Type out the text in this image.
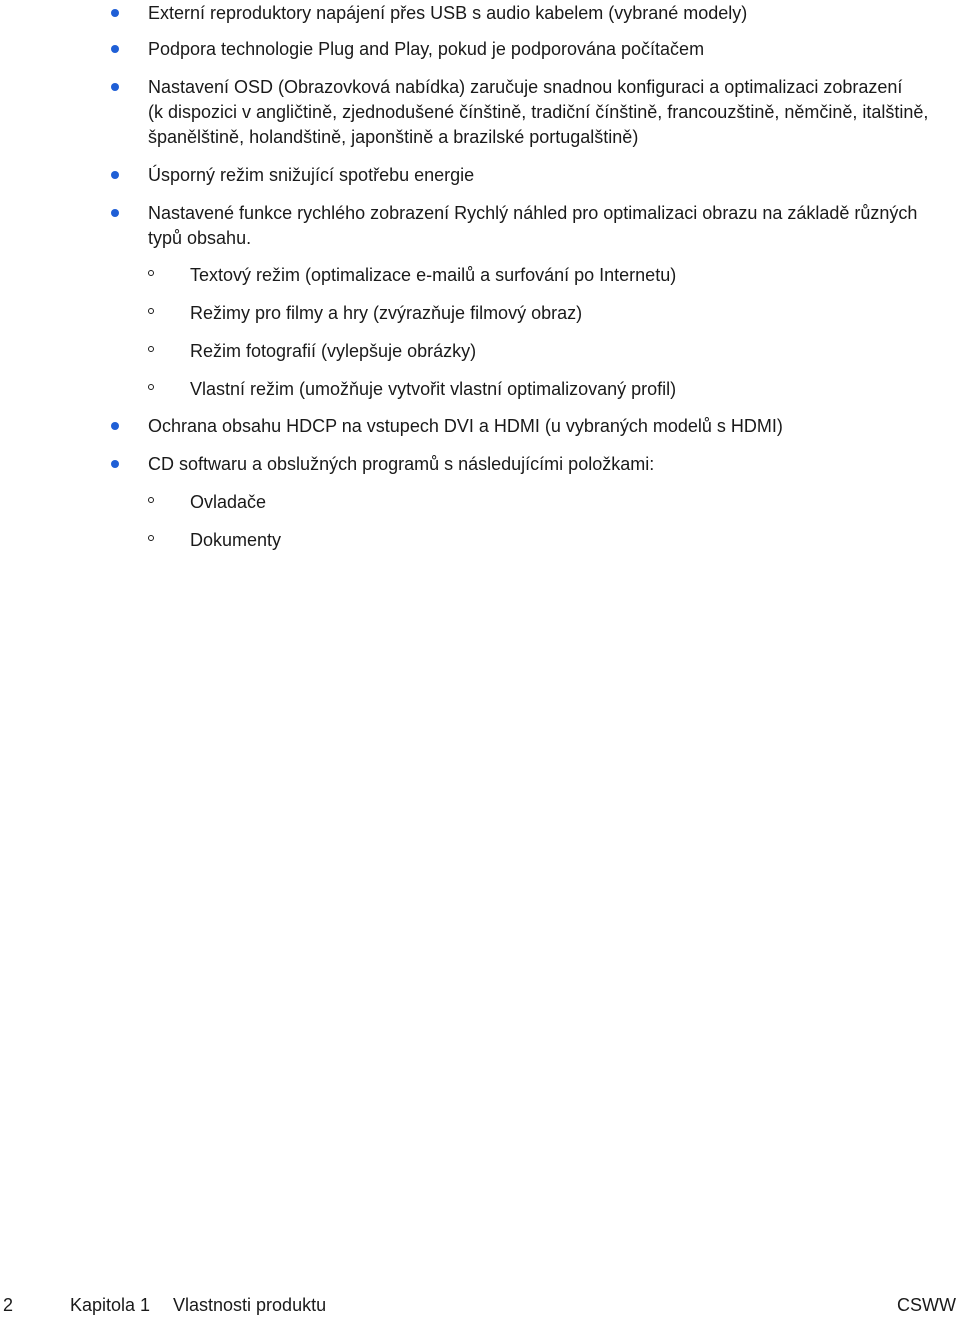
Externí reproduktory napájení přes USB s audio kabelem (vybrané modely)
Podpora technologie Plug and Play, pokud je podporována počítačem
Nastavení OSD (Obrazovková nabídka) zaručuje snadnou konfiguraci a optimalizaci zobrazení
(k dispozici v angličtině, zjednodušené čínštině, tradiční čínštině, francouzštině, němčině, italštině,
španělštině, holandštině, japonštině a brazilské portugalštině)
Úsporný režim snižující spotřebu energie
Nastavené funkce rychlého zobrazení Rychlý náhled pro optimalizaci obrazu na základě různých
typů obsahu.
Textový režim (optimalizace e-mailů a surfování po Internetu)
Režimy pro filmy a hry (zvýrazňuje filmový obraz)
Režim fotografií (vylepšuje obrázky)
Vlastní režim (umožňuje vytvořit vlastní optimalizovaný profil)
Ochrana obsahu HDCP na vstupech DVI a HDMI (u vybraných modelů s HDMI)
CD softwaru a obslužných programů s následujícími položkami:
Ovladače
Dokumenty
2	Kapitola 1 Vlastnosti produktu	CSWW
